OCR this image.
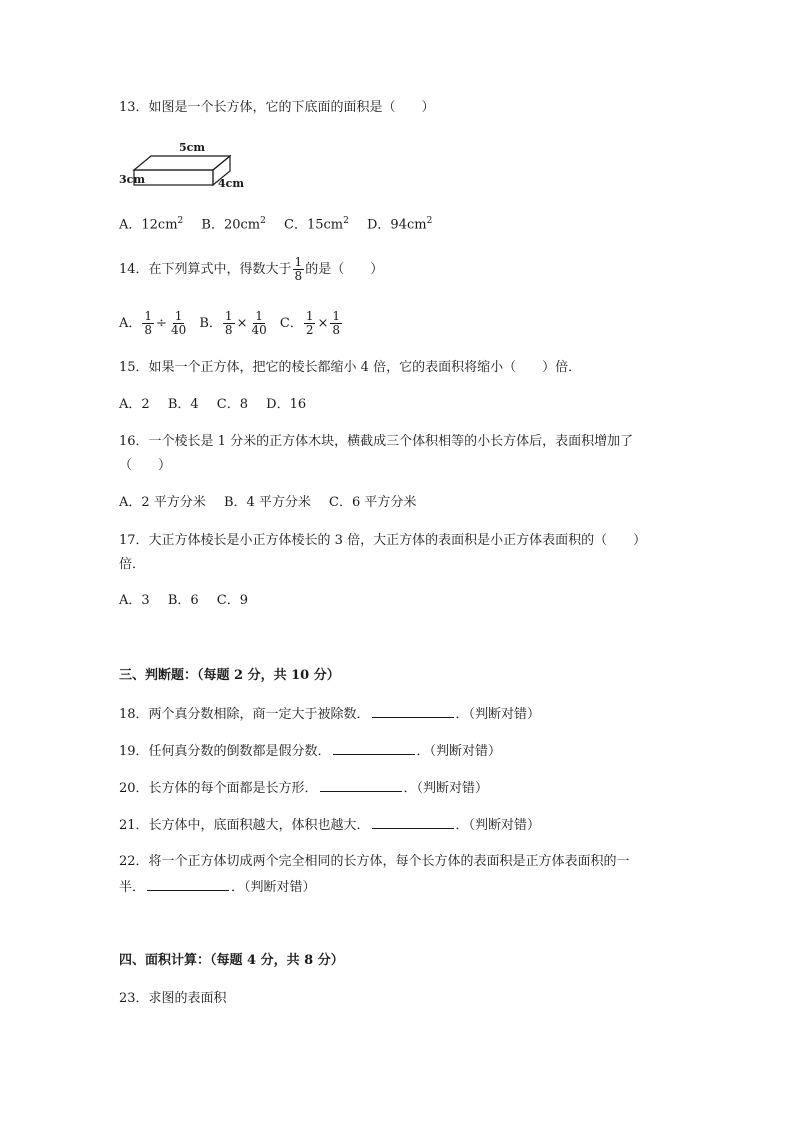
13．如图是一个长方体，它的下底面的面积是（　　）
5cm
3cm	4cm
A．$12cm^2$ B．$20cm^2$ C．$15cm^2$ D．$94cm^2$
14．在下列算式中，得数大于 $\frac{1}{8}$ 的是（　　）
A． $\frac{1}{8} \div \frac{1}{40}$ B． $\frac{1}{8} \times \frac{1}{40}$ C． $\frac{1}{2} \times \frac{1}{8}$
15．如果一个正方体，把它的棱长都缩小 4 倍，它的表面积将缩小（　　）倍．
A．2 B．4 C．8 D．16
16．一个棱长是 1 分米的正方体木块，横截成三个体积相等的小长方体后，表面积增加了
（　　）
A．2 平方分米 B．4 平方分米 C．6 平方分米
17．大正方体棱长是小正方体棱长的 3 倍，大正方体的表面积是小正方体表面积的（　　）
倍．
A．3 B．6 C．9
三、判断题：（每题 2 分，共 10 分）
18．两个真分数相除，商一定大于被除数．	．（判断对错）
19．任何真分数的倒数都是假分数．	．（判断对错）
20．长方体的每个面都是长方形．	．（判断对错）
21．长方体中，底面积越大，体积也越大．	．（判断对错）
22．将一个正方体切成两个完全相同的长方体，每个长方体的表面积是正方体表面积的一
半．	．（判断对错）
四、面积计算：（每题 4 分，共 8 分）
23．求图的表面积
